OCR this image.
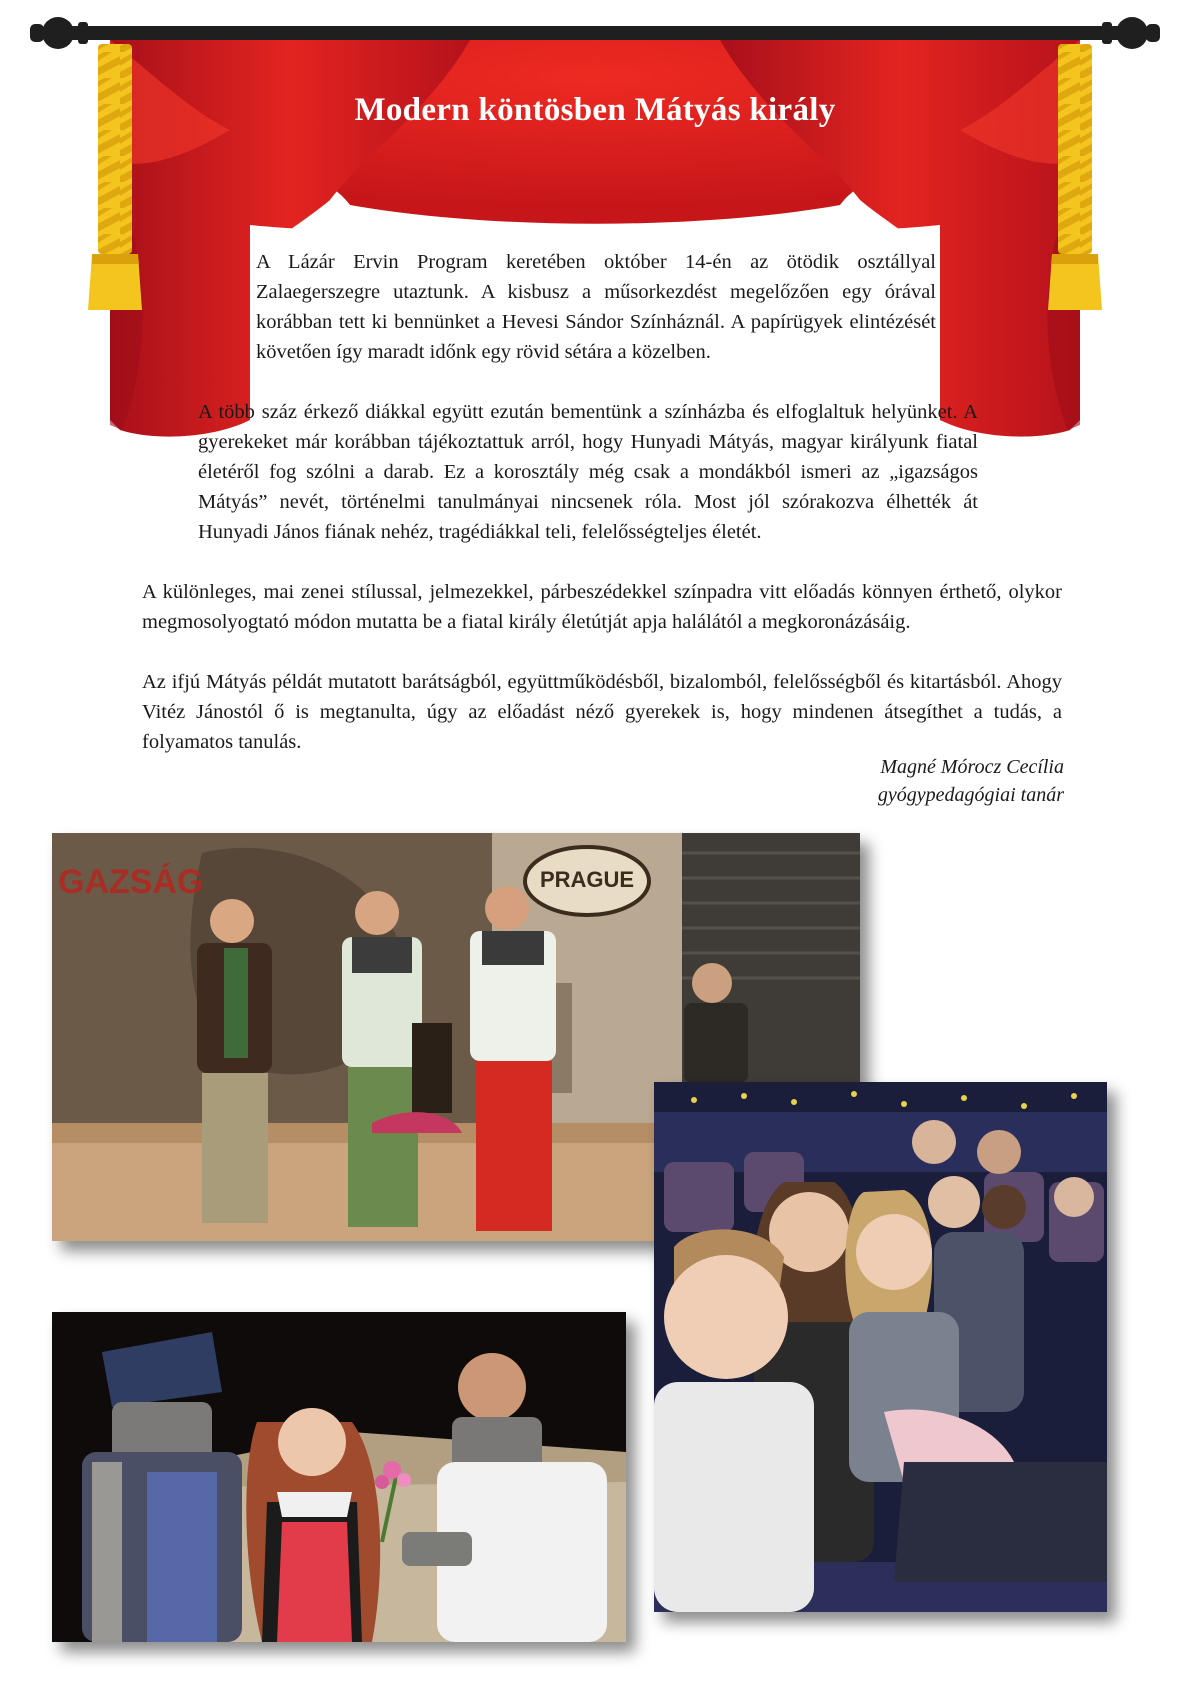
Modern köntösben Mátyás király

A Lázár Ervin Program keretében október 14-én az ötödik osztállyal Zalaegerszegre utaztunk. A kisbusz a műsorkezdést megelőzően egy órával korábban tett ki bennünket a Hevesi Sándor Színháznál. A papírügyek elintézését követően így maradt időnk egy rövid sétára a közelben.

A több száz érkező diákkal együtt ezután bementünk a színházba és elfoglaltuk helyünket. A gyerekeket már korábban tájékoztattuk arról, hogy Hunyadi Mátyás, magyar királyunk fiatal életéről fog szólni a darab. Ez a korosztály még csak a mondákból ismeri az „igazságos Mátyás” nevét, történelmi tanulmányai nincsenek róla. Most jól szórakozva élhették át Hunyadi János fiának nehéz, tragédiákkal teli, felelősségteljes életét.

A különleges, mai zenei stílussal, jelmezekkel, párbeszédekkel színpadra vitt előadás könnyen érthető, olykor megmosolyogtató módon mutatta be a fiatal király életútját apja halálától a megkoronázásáig.

Az ifjú Mátyás példát mutatott barátságból, együttműködésből, bizalomból, felelősségből és kitartásból. Ahogy Vitéz Jánostól ő is megtanulta, úgy az előadást néző gyerekek is, hogy mindenen átsegíthet a tudás, a folyamatos tanulás.

Magné Mórocz Cecília
gyógypedagógiai tanár
GAZSÁG	PRAGUE
